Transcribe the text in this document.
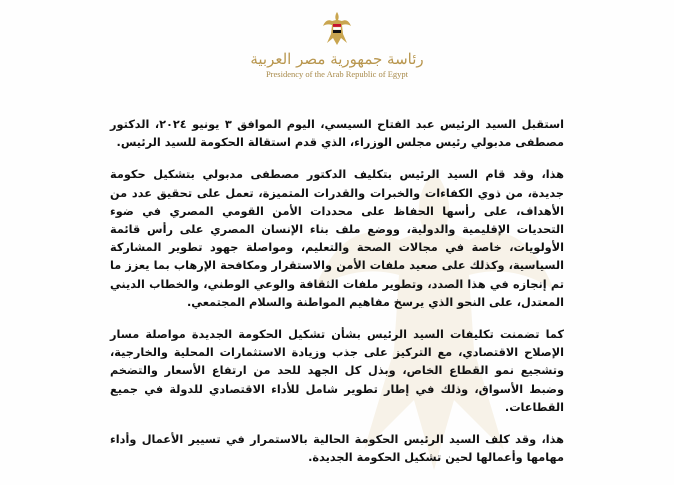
رئاسة جمهورية مصر العربية
Presidency of the Arab Republic of Egypt

استقبل السيد الرئيس عبد الفتاح السيسي، اليوم الموافق ٣ يونيو ٢٠٢٤، الدكتور مصطفى مدبولي رئيس مجلس الوزراء، الذي قدم استقالة الحكومة للسيد الرئيس.

هذا، وقد قام السيد الرئيس بتكليف الدكتور مصطفى مدبولي بتشكيل حكومة جديدة، من ذوي الكفاءات والخبرات والقدرات المتميزة، تعمل على تحقيق عدد من الأهداف، على رأسها الحفاظ على محددات الأمن القومي المصري في ضوء التحديات الإقليمية والدولية، ووضع ملف بناء الإنسان المصري على رأس قائمة الأولويات، خاصة في مجالات الصحة والتعليم، ومواصلة جهود تطوير المشاركة السياسية، وكذلك على صعيد ملفات الأمن والاستقرار ومكافحة الإرهاب بما يعزز ما تم إنجازه في هذا الصدد، وتطوير ملفات الثقافة والوعي الوطني، والخطاب الديني المعتدل، على النحو الذي يرسخ مفاهيم المواطنة والسلام المجتمعي.

كما تضمنت تكليفات السيد الرئيس بشأن تشكيل الحكومة الجديدة مواصلة مسار الإصلاح الاقتصادي، مع التركيز على جذب وزيادة الاستثمارات المحلية والخارجية، وتشجيع نمو القطاع الخاص، وبذل كل الجهد للحد من ارتفاع الأسعار والتضخم وضبط الأسواق، وذلك في إطار تطوير شامل للأداء الاقتصادي للدولة في جميع القطاعات.

هذا، وقد كلف السيد الرئيس الحكومة الحالية بالاستمرار في تسيير الأعمال وأداء مهامها وأعمالها لحين تشكيل الحكومة الجديدة.
